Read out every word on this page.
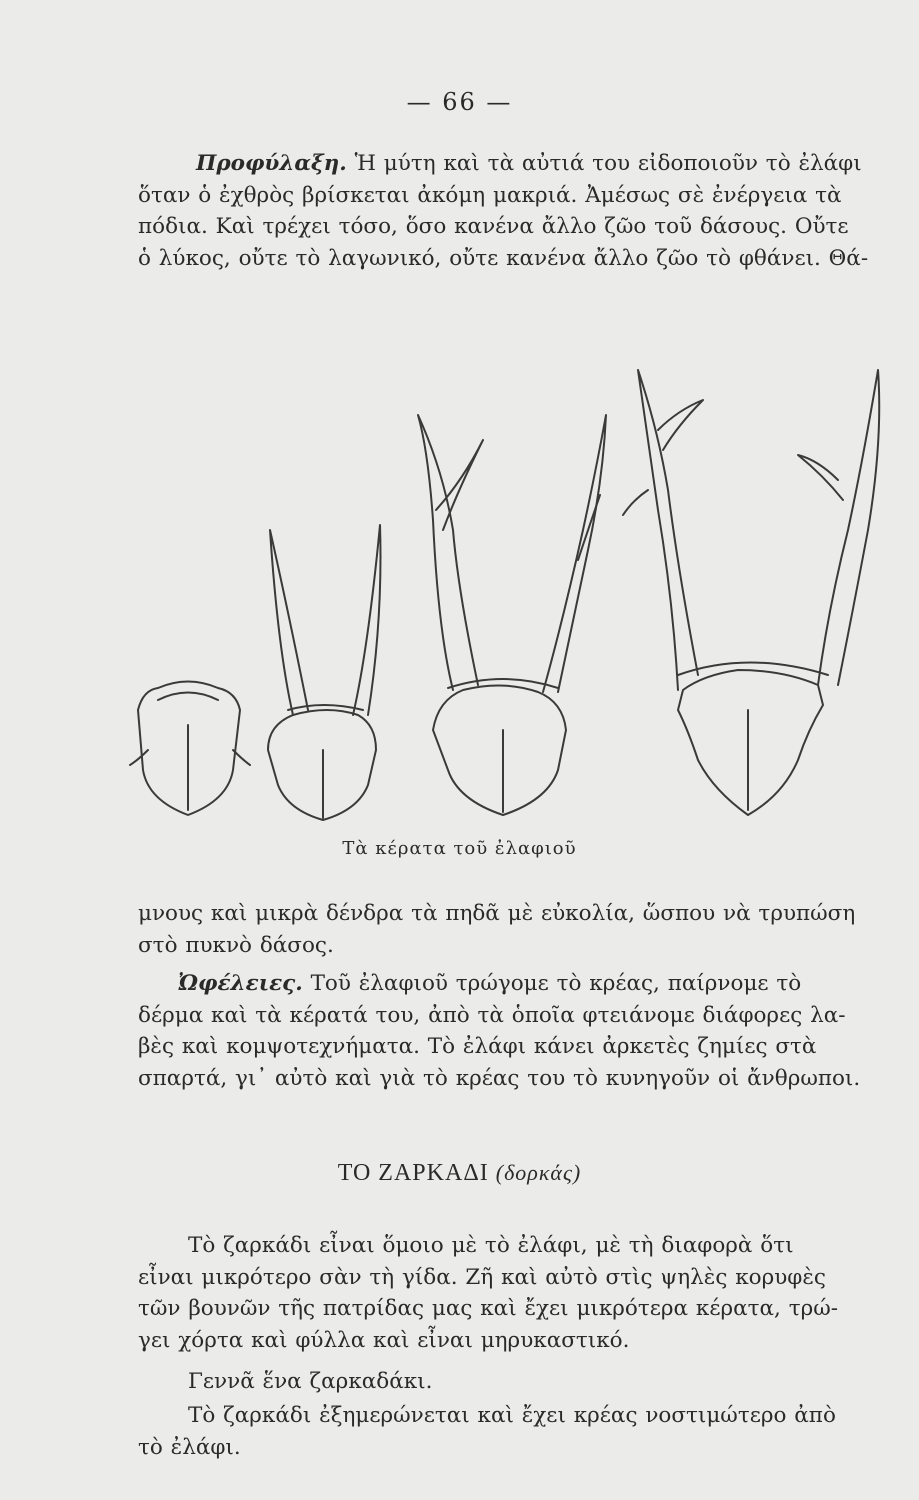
— 66 —

Προφύλαξη. Ἡ μύτη καὶ τὰ αὐτιά του εἰδοποιοῦν τὸ ἐλάφι
ὅταν ὁ ἐχθρὸς βρίσκεται ἀκόμη μακριά. Ἀμέσως σὲ ἐνέργεια τὰ
πόδια. Καὶ τρέχει τόσο, ὅσο κανένα ἄλλο ζῶο τοῦ δάσους. Οὔτε
ὁ λύκος, οὔτε τὸ λαγωνικό, οὔτε κανένα ἄλλο ζῶο τὸ φθάνει. Θά-

Τὰ κέρατα τοῦ ἐλαφιοῦ

μνους καὶ μικρὰ δένδρα τὰ πηδᾶ μὲ εὐκολία, ὥσπου νὰ τρυπώση
στὸ πυκνὸ δάσος.

Ὠφέλειες. Τοῦ ἐλαφιοῦ τρώγομε τὸ κρέας, παίρνομε τὸ
δέρμα καὶ τὰ κέρατά του, ἀπὸ τὰ ὁποῖα φτειάνομε διάφορες λα-
βὲς καὶ κομψοτεχνήματα. Τὸ ἐλάφι κάνει ἀρκετὲς ζημίες στὰ
σπαρτά, γι᾽ αὐτὸ καὶ γιὰ τὸ κρέας του τὸ κυνηγοῦν οἱ ἄνθρωποι.

ΤΟ ΖΑΡΚΑΔΙ (δορκάς)

Τὸ ζαρκάδι εἶναι ὅμοιο μὲ τὸ ἐλάφι, μὲ τὴ διαφορὰ ὅτι
εἶναι μικρότερο σὰν τὴ γίδα. Ζῆ καὶ αὐτὸ στὶς ψηλὲς κορυφὲς
τῶν βουνῶν τῆς πατρίδας μας καὶ ἔχει μικρότερα κέρατα, τρώ-
γει χόρτα καὶ φύλλα καὶ εἶναι μηρυκαστικό.

Γεννᾶ ἕνα ζαρκαδάκι.

Τὸ ζαρκάδι ἐξημερώνεται καὶ ἔχει κρέας νοστιμώτερο ἀπὸ
τὸ ἐλάφι.
